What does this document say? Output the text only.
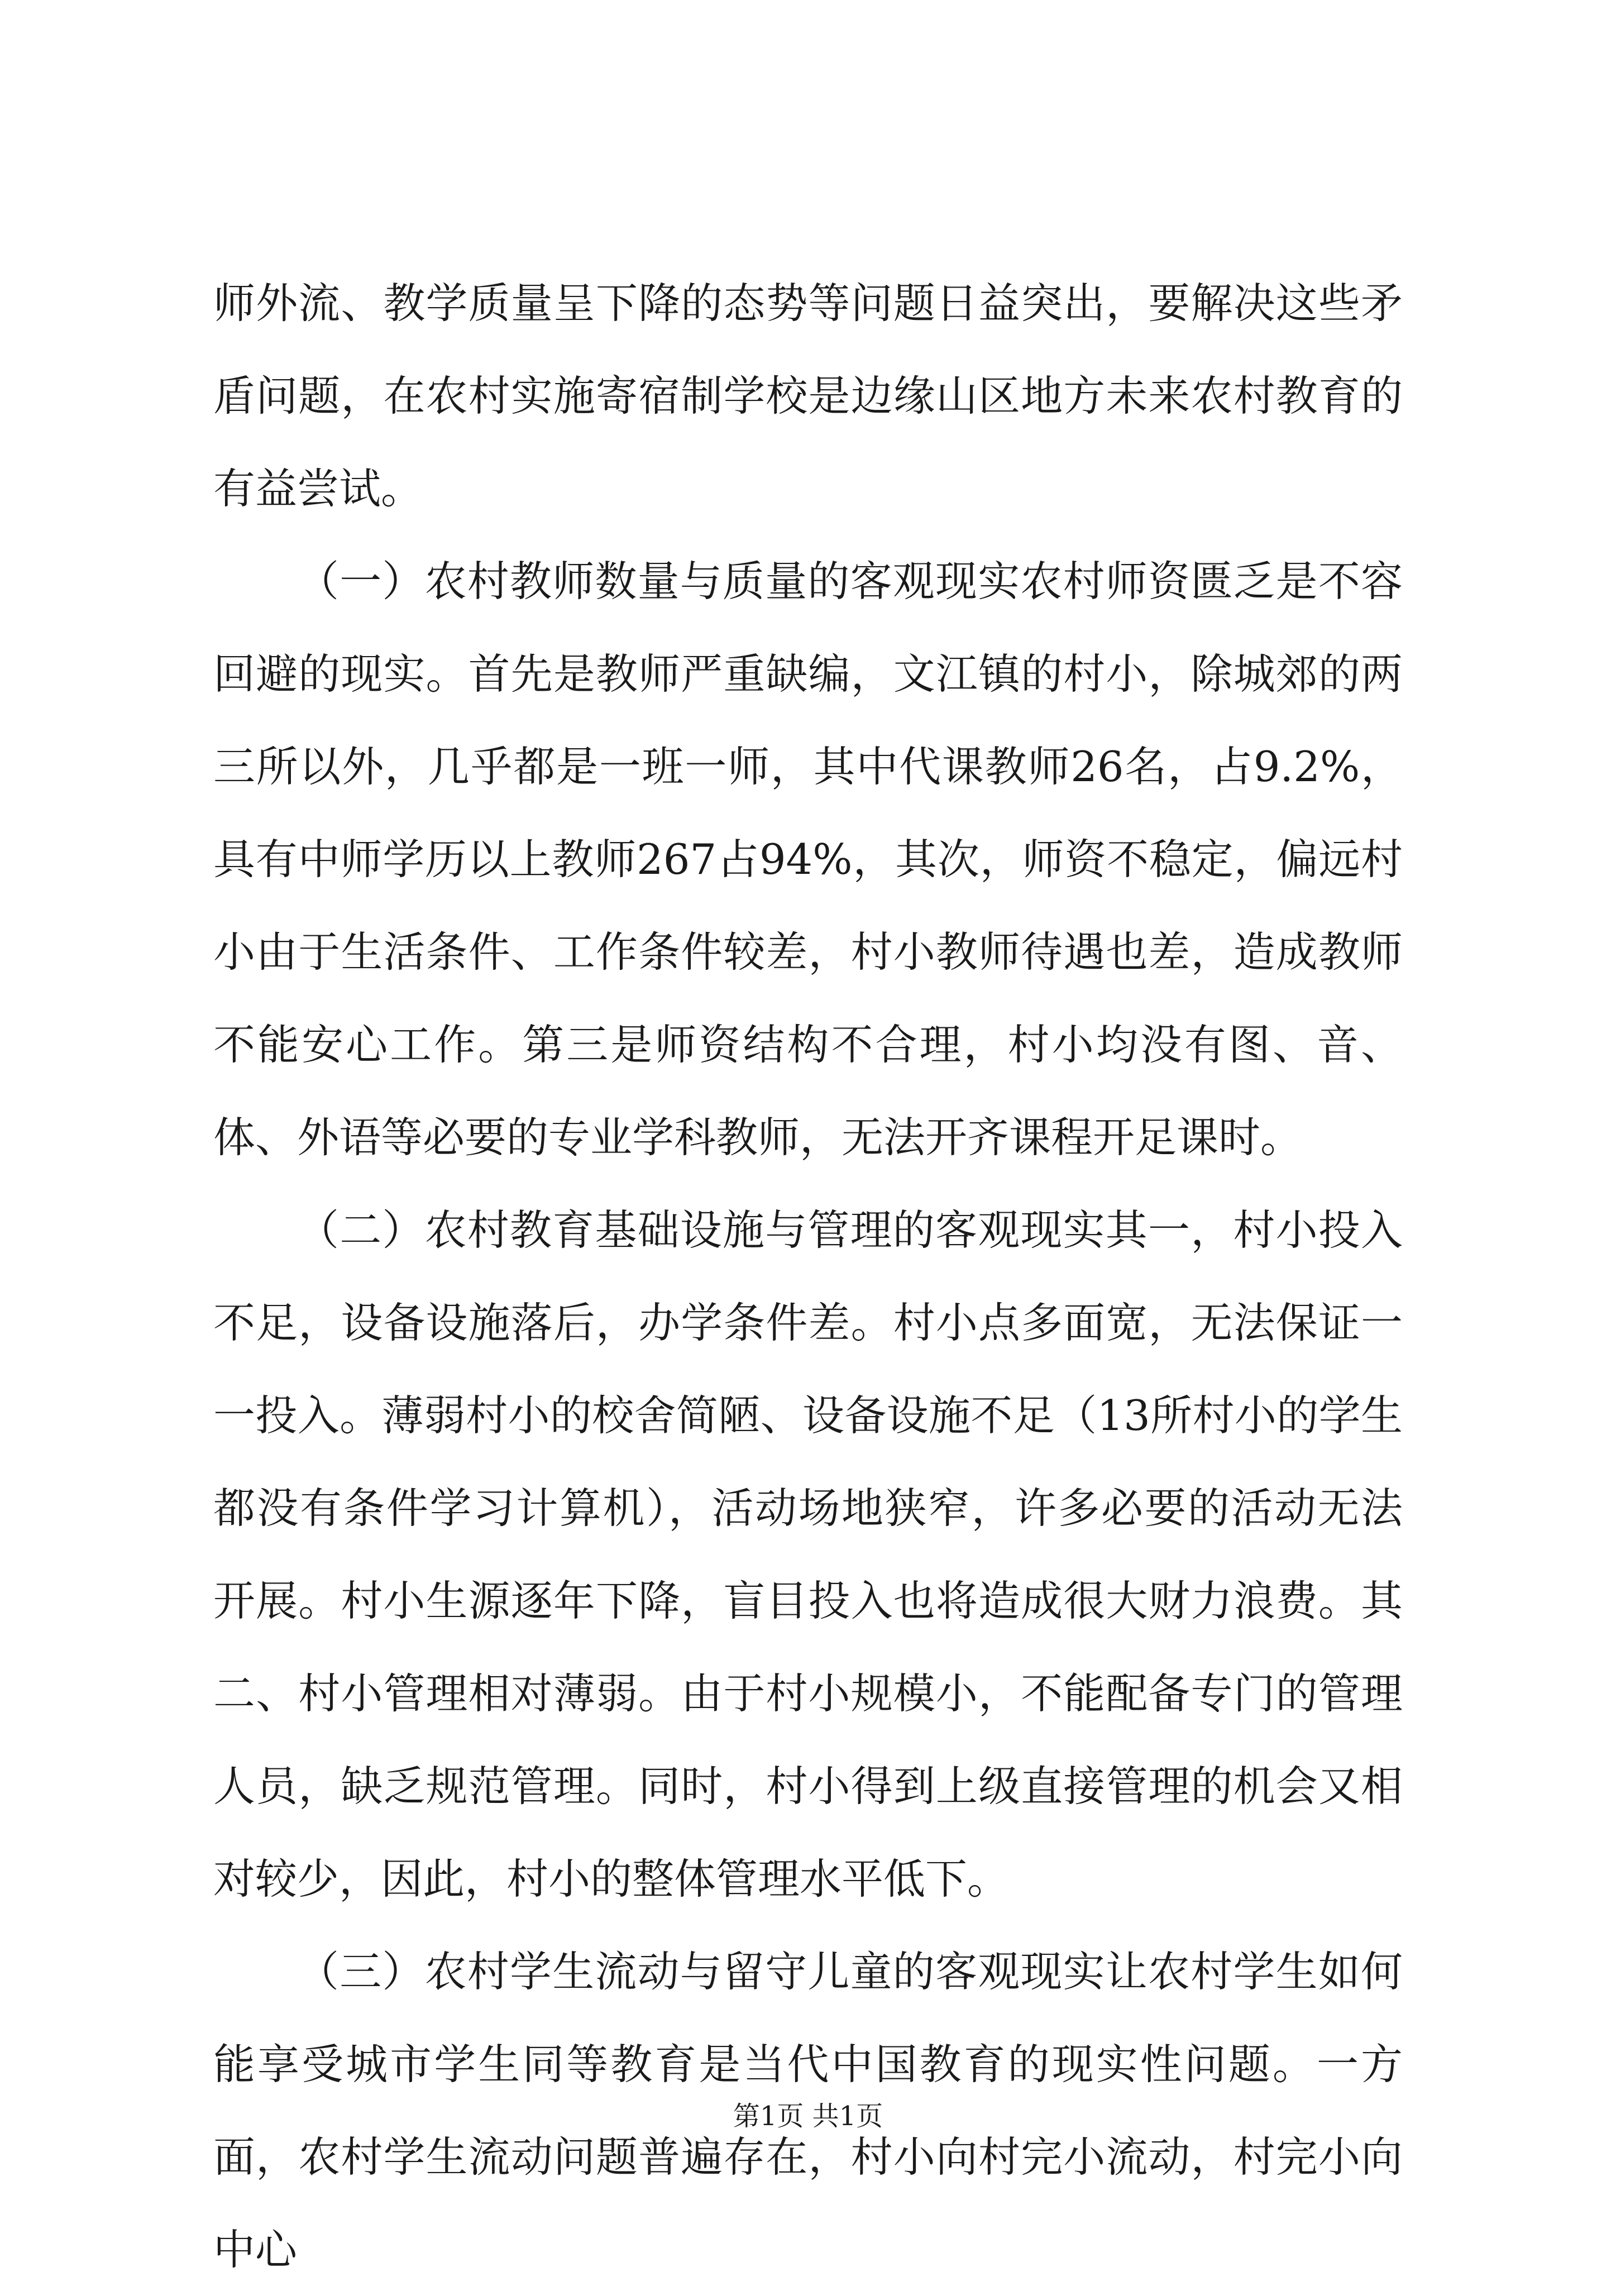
师外流、教学质量呈下降的态势等问题日益突出，要解决这些矛盾问题，在农村实施寄宿制学校是边缘山区地方未来农村教育的有益尝试。

（一）农村教师数量与质量的客观现实农村师资匮乏是不容回避的现实。首先是教师严重缺编，文江镇的村小，除城郊的两三所以外，几乎都是一班一师，其中代课教师26名，占9.2%，具有中师学历以上教师267占94%，其次，师资不稳定，偏远村小由于生活条件、工作条件较差，村小教师待遇也差，造成教师不能安心工作。第三是师资结构不合理，村小均没有图、音、体、外语等必要的专业学科教师，无法开齐课程开足课时。

（二）农村教育基础设施与管理的客观现实其一，村小投入不足，设备设施落后，办学条件差。村小点多面宽，无法保证一一投入。薄弱村小的校舍简陋、设备设施不足（13所村小的学生都没有条件学习计算机），活动场地狭窄，许多必要的活动无法开展。村小生源逐年下降，盲目投入也将造成很大财力浪费。其二、村小管理相对薄弱。由于村小规模小，不能配备专门的管理人员，缺乏规范管理。同时，村小得到上级直接管理的机会又相对较少，因此，村小的整体管理水平低下。

（三）农村学生流动与留守儿童的客观现实让农村学生如何能享受城市学生同等教育是当代中国教育的现实性问题。一方面，农村学生流动问题普遍存在，村小向村完小流动，村完小向中心

第1页 共1页
